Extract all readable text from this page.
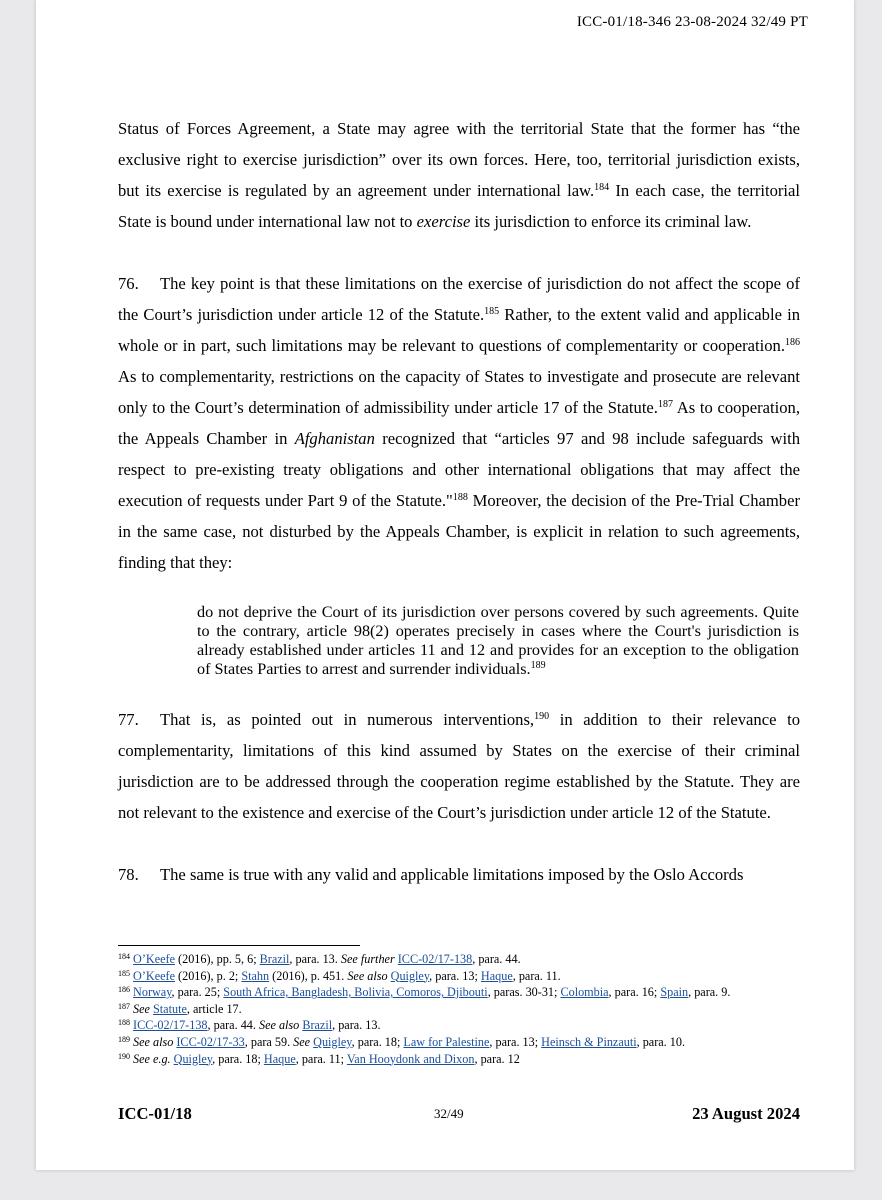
ICC-01/18-346 23-08-2024 32/49 PT

Status of Forces Agreement, a State may agree with the territorial State that the former has “the exclusive right to exercise jurisdiction” over its own forces. Here, too, territorial jurisdiction exists, but its exercise is regulated by an agreement under international law.$^{184}$ In each case, the territorial State is bound under international law not to exercise its jurisdiction to enforce its criminal law.

76. The key point is that these limitations on the exercise of jurisdiction do not affect the scope of the Court’s jurisdiction under article 12 of the Statute.$^{185}$ Rather, to the extent valid and applicable in whole or in part, such limitations may be relevant to questions of complementarity or cooperation.$^{186}$ As to complementarity, restrictions on the capacity of States to investigate and prosecute are relevant only to the Court’s determination of admissibility under article 17 of the Statute.$^{187}$ As to cooperation, the Appeals Chamber in Afghanistan recognized that “articles 97 and 98 include safeguards with respect to pre-existing treaty obligations and other international obligations that may affect the execution of requests under Part 9 of the Statute."$^{188}$ Moreover, the decision of the Pre-Trial Chamber in the same case, not disturbed by the Appeals Chamber, is explicit in relation to such agreements, finding that they:

do not deprive the Court of its jurisdiction over persons covered by such agreements. Quite to the contrary, article 98(2) operates precisely in cases where the Court's jurisdiction is already established under articles 11 and 12 and provides for an exception to the obligation of States Parties to arrest and surrender individuals.$^{189}$

77. That is, as pointed out in numerous interventions,$^{190}$ in addition to their relevance to complementarity, limitations of this kind assumed by States on the exercise of their criminal jurisdiction are to be addressed through the cooperation regime established by the Statute. They are not relevant to the existence and exercise of the Court’s jurisdiction under article 12 of the Statute.

78. The same is true with any valid and applicable limitations imposed by the Oslo Accords

$^{184}$ O’Keefe (2016), pp. 5, 6; Brazil, para. 13. See further ICC-02/17-138, para. 44.

$^{185}$ O’Keefe (2016), p. 2; Stahn (2016), p. 451. See also Quigley, para. 13; Haque, para. 11.

$^{186}$ Norway, para. 25; South Africa, Bangladesh, Bolivia, Comoros, Djibouti, paras. 30-31; Colombia, para. 16; Spain, para. 9.

$^{187}$ See Statute, article 17.

$^{188}$ ICC-02/17-138, para. 44. See also Brazil, para. 13.

$^{189}$ See also ICC-02/17-33, para 59. See Quigley, para. 18; Law for Palestine, para. 13; Heinsch & Pinzauti, para. 10.

$^{190}$ See e.g. Quigley, para. 18; Haque, para. 11; Van Hooydonk and Dixon, para. 12

ICC-01/18	32/49	23 August 2024
